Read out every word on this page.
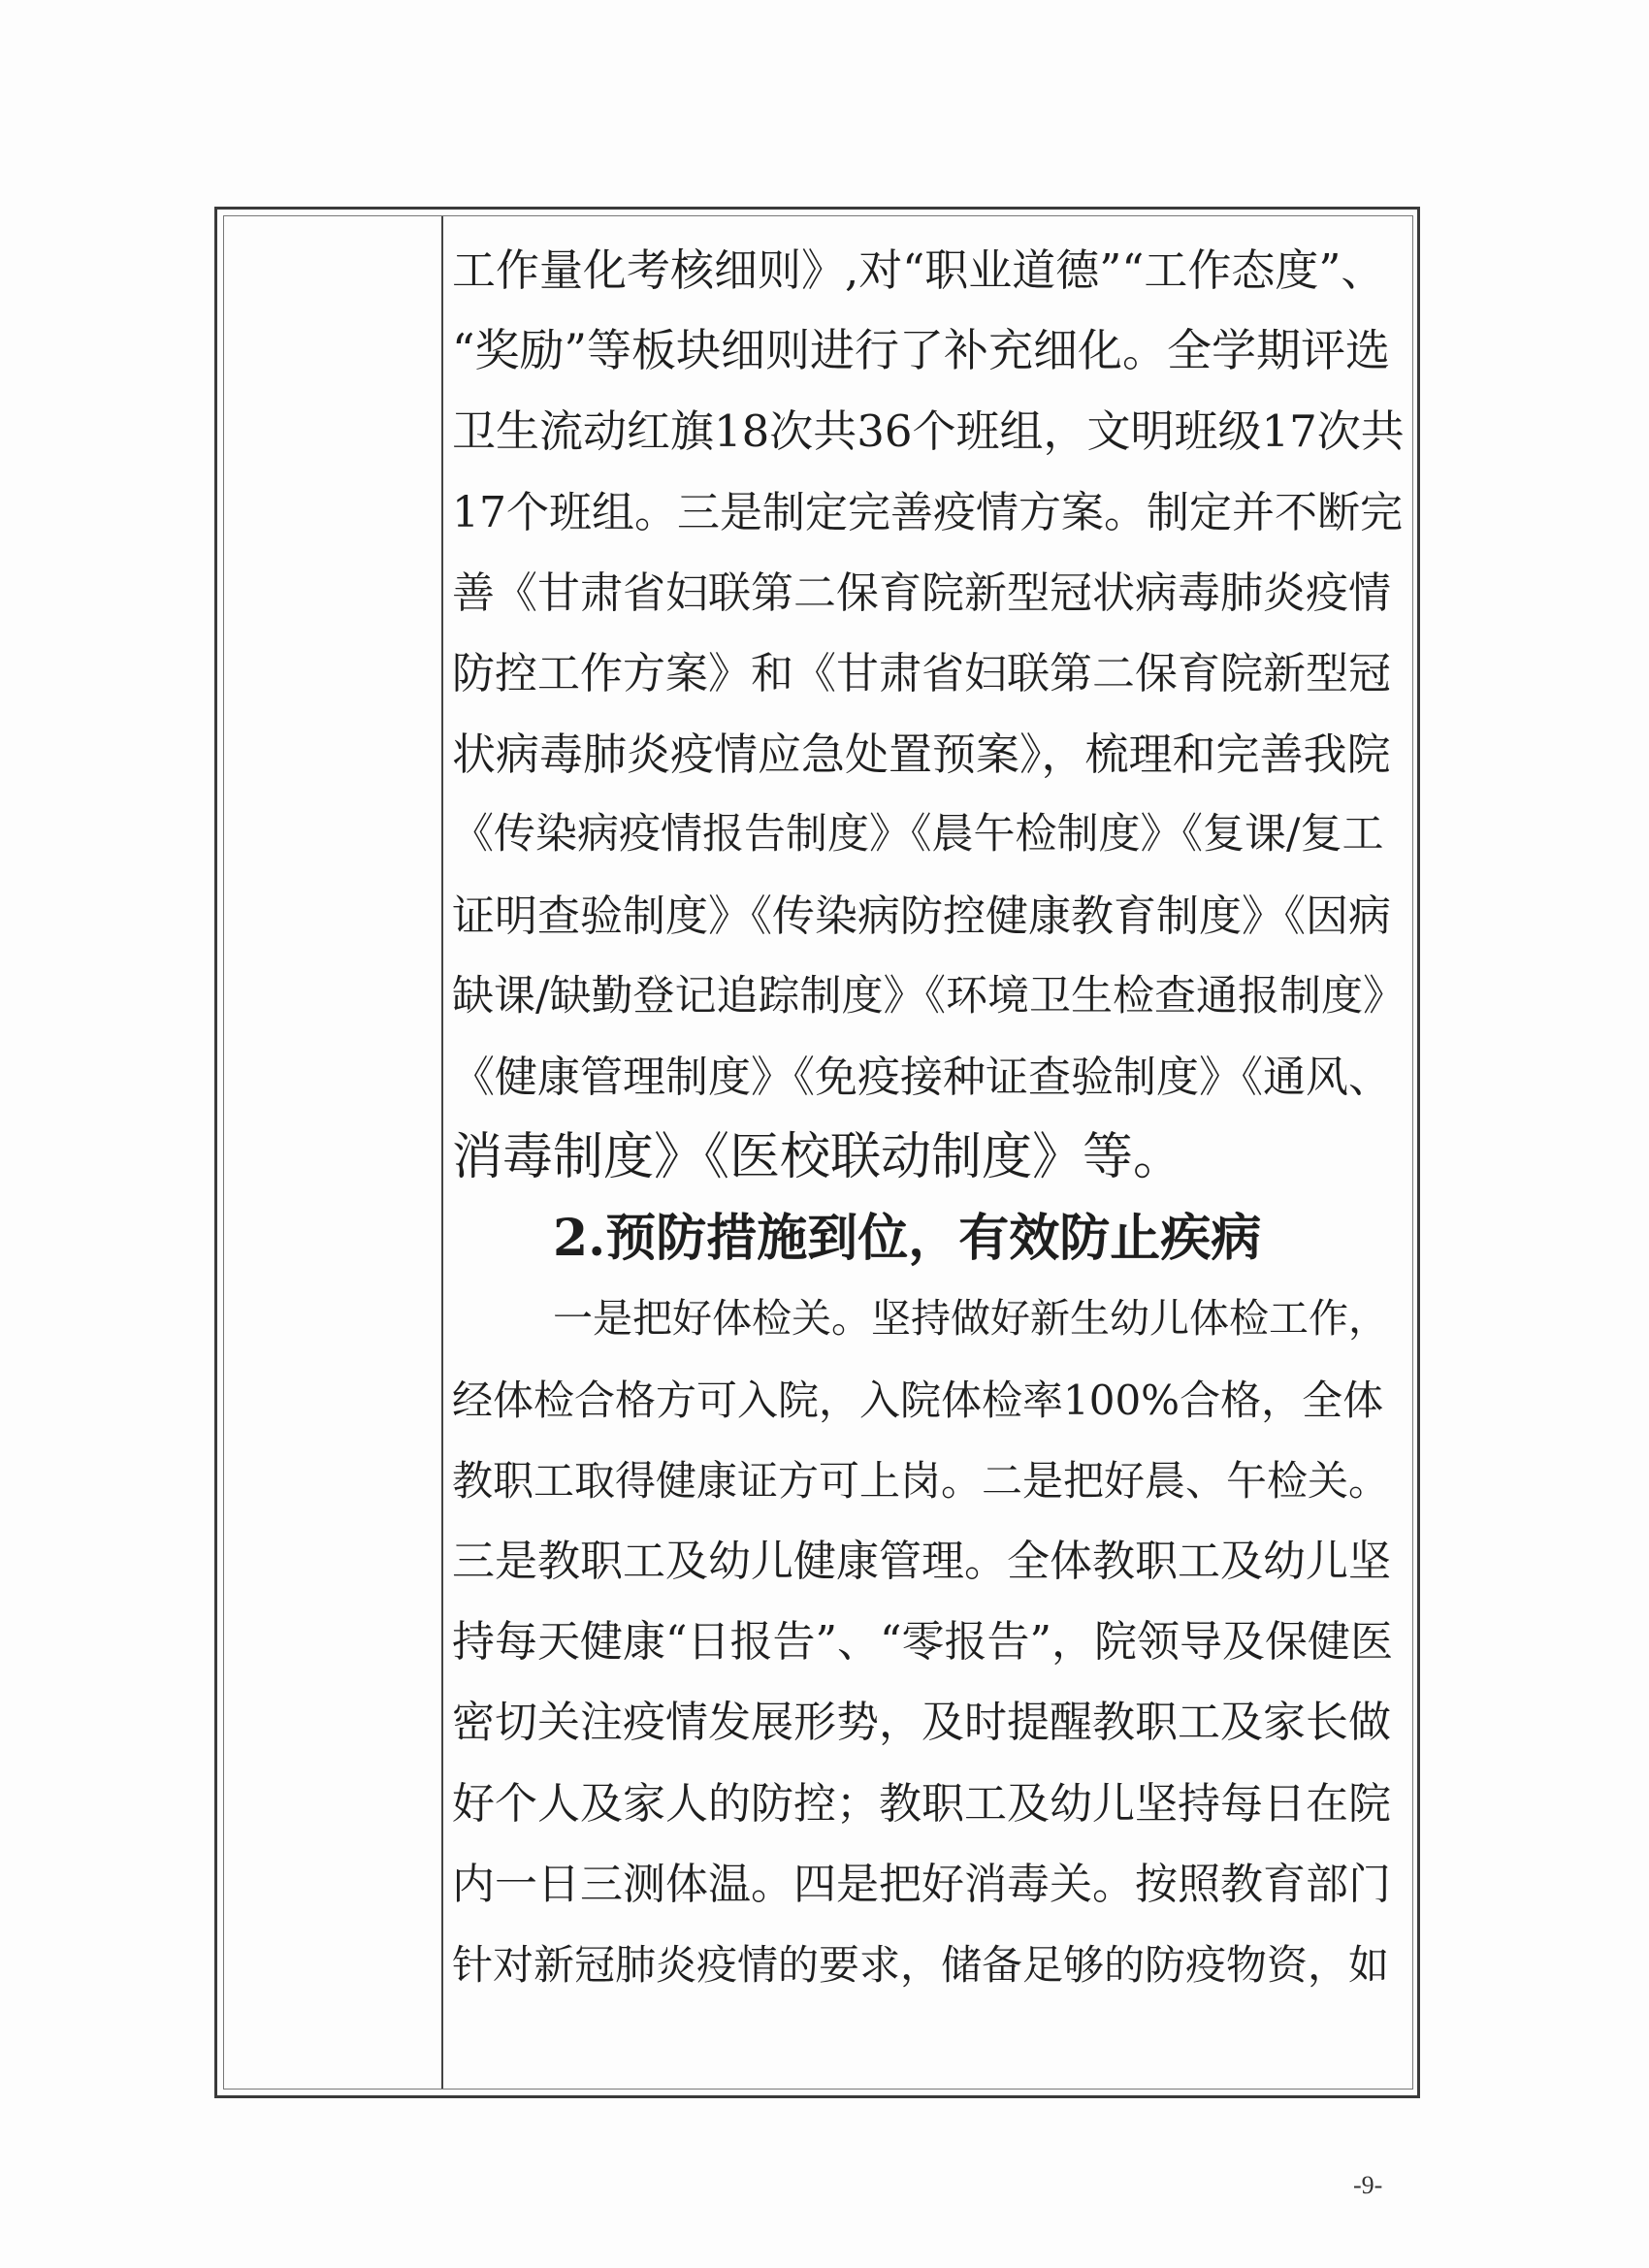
工作量化考核细则》,对“职业道德”“工作态度”、
“奖励”等板块细则进行了补充细化。全学期评选
卫生流动红旗18次共36个班组，文明班级17次共
17个班组。三是制定完善疫情方案。制定并不断完
善《甘肃省妇联第二保育院新型冠状病毒肺炎疫情
防控工作方案》和《甘肃省妇联第二保育院新型冠
状病毒肺炎疫情应急处置预案》，梳理和完善我院
《传染病疫情报告制度》《晨午检制度》《复课/复工
证明查验制度》《传染病防控健康教育制度》《因病
缺课/缺勤登记追踪制度》《环境卫生检查通报制度》
《健康管理制度》《免疫接种证查验制度》《通风、
消毒制度》《医校联动制度》等。
2.预防措施到位，有效防止疾病
一是把好体检关。坚持做好新生幼儿体检工作，
经体检合格方可入院，入院体检率100%合格，全体
教职工取得健康证方可上岗。二是把好晨、午检关。
三是教职工及幼儿健康管理。全体教职工及幼儿坚
持每天健康“日报告”、“零报告”，院领导及保健医
密切关注疫情发展形势，及时提醒教职工及家长做
好个人及家人的防控；教职工及幼儿坚持每日在院
内一日三测体温。四是把好消毒关。按照教育部门
针对新冠肺炎疫情的要求，储备足够的防疫物资，如
-9-
